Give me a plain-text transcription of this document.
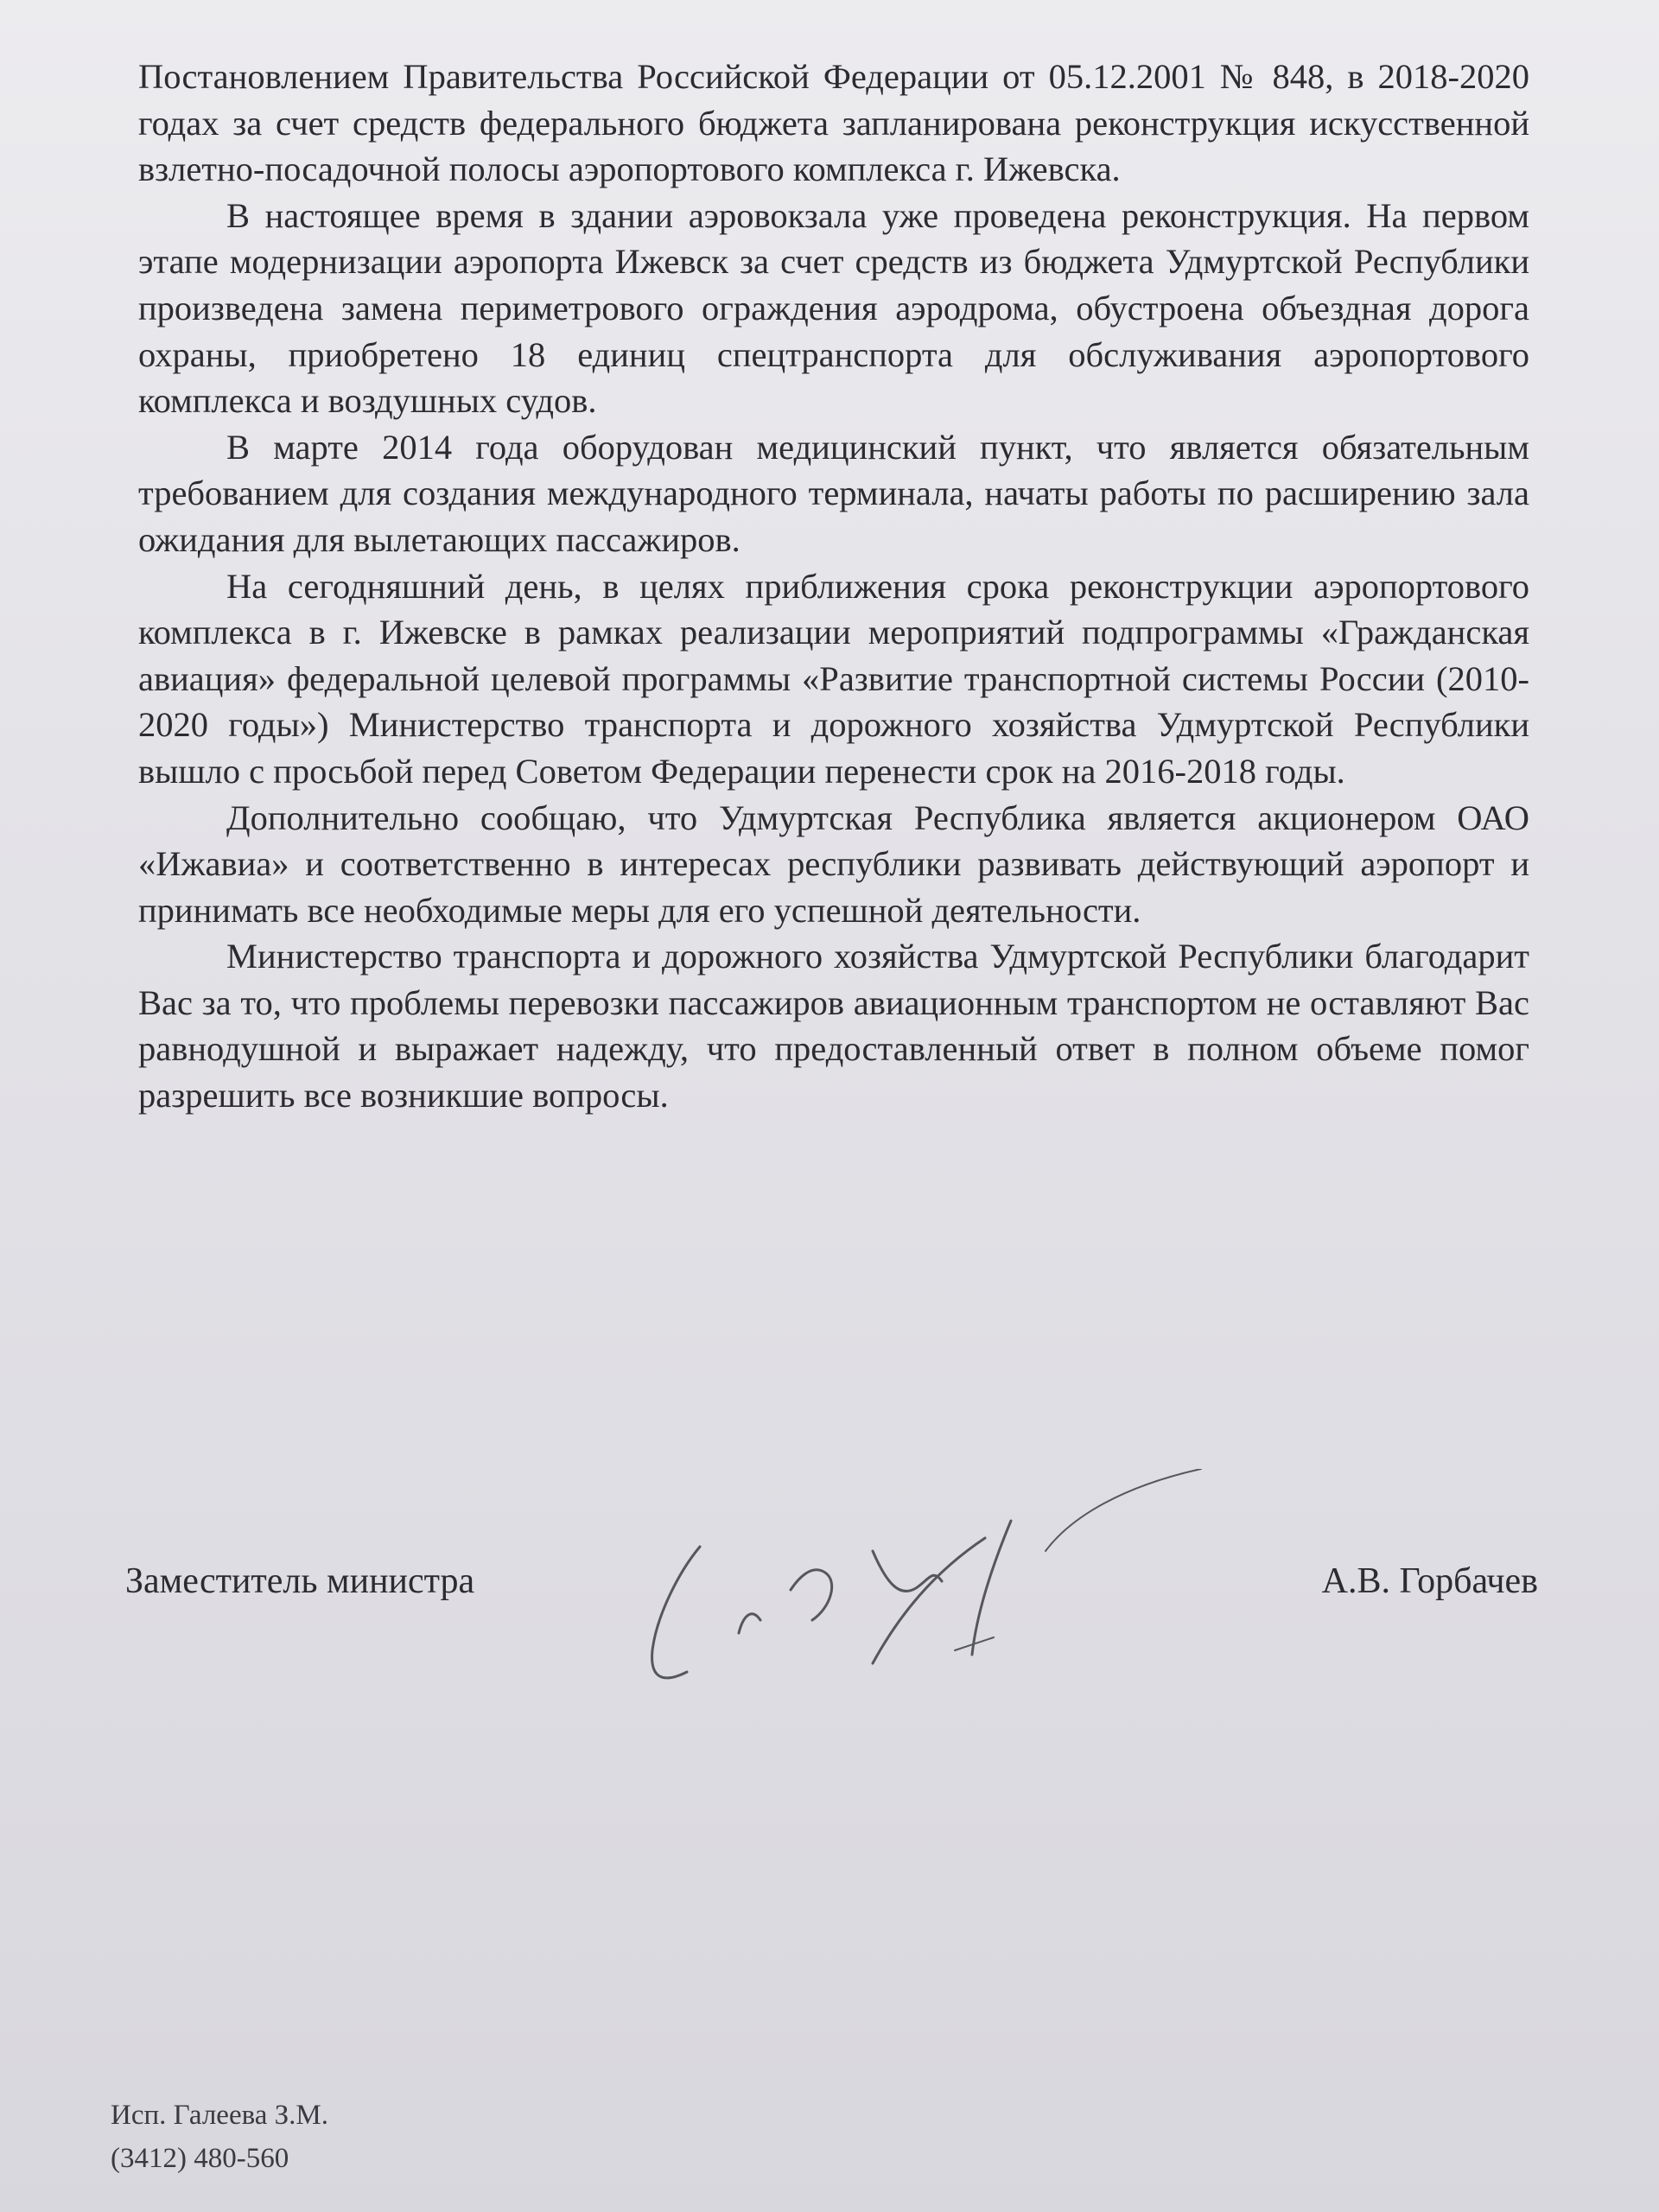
Постановлением Правительства Российской Федерации от 05.12.2001 № 848, в 2018-2020 годах за счет средств федерального бюджета запланирована реконструкция искусственной взлетно-посадочной полосы аэропортового комплекса г. Ижевска.

В настоящее время в здании аэровокзала уже проведена реконструкция. На первом этапе модернизации аэропорта Ижевск за счет средств из бюджета Удмуртской Республики произведена замена периметрового ограждения аэродрома, обустроена объездная дорога охраны, приобретено 18 единиц спецтранспорта для обслуживания аэропортового комплекса и воздушных судов.

В марте 2014 года оборудован медицинский пункт, что является обязательным требованием для создания международного терминала, начаты работы по расширению зала ожидания для вылетающих пассажиров.

На сегодняшний день, в целях приближения срока реконструкции аэропортового комплекса в г. Ижевске в рамках реализации мероприятий подпрограммы «Гражданская авиация» федеральной целевой программы «Развитие транспортной системы России (2010-2020 годы») Министерство транспорта и дорожного хозяйства Удмуртской Республики вышло с просьбой перед Советом Федерации перенести срок на 2016-2018 годы.

Дополнительно сообщаю, что Удмуртская Республика является акционером ОАО «Ижавиа» и соответственно в интересах республики развивать действующий аэропорт и принимать все необходимые меры для его успешной деятельности.

Министерство транспорта и дорожного хозяйства Удмуртской Республики благодарит Вас за то, что проблемы перевозки пассажиров авиационным транспортом не оставляют Вас равнодушной и выражает надежду, что предоставленный ответ в полном объеме помог разрешить все возникшие вопросы.

Заместитель министра	А.В. Горбачев
Исп. Галеева З.М.
(3412) 480-560
